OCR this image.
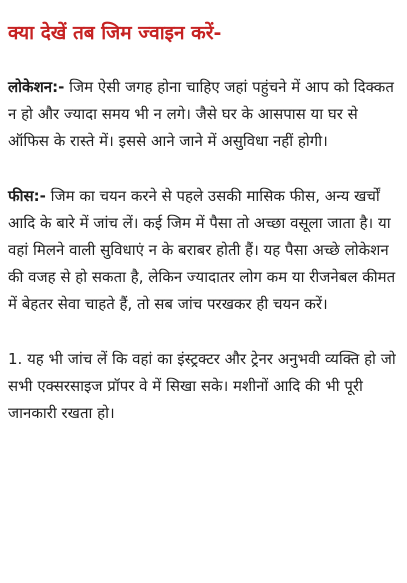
क्या देखें तब जिम ज्वाइन करें-

लोकेशन:- जिम ऐसी जगह होना चाहिए जहां पहुंचने में आप को दिक्कत न हो और ज्यादा समय भी न लगे। जैसे घर के आसपास या घर से ऑफिस के रास्ते में। इससे आने जाने में असुविधा नहीं होगी।

फीस:- जिम का चयन करने से पहले उसकी मासिक फीस, अन्य खर्चों आदि के बारे में जांच लें। कई जिम में पैसा तो अच्छा वसूला जाता है। या वहां मिलने वाली सुविधाएं न के बराबर होती हैं। यह पैसा अच्छे लोकेशन की वजह से हो सकता है, लेकिन ज्यादातर लोग कम या रीजनेबल कीमत में बेहतर सेवा चाहते हैं, तो सब जांच परखकर ही चयन करें।

1. यह भी जांच लें कि वहां का इंस्ट्रक्टर और ट्रेनर अनुभवी व्यक्ति हो जो सभी एक्सरसाइज प्रॉपर वे में सिखा सके। मशीनों आदि की भी पूरी जानकारी रखता हो।
